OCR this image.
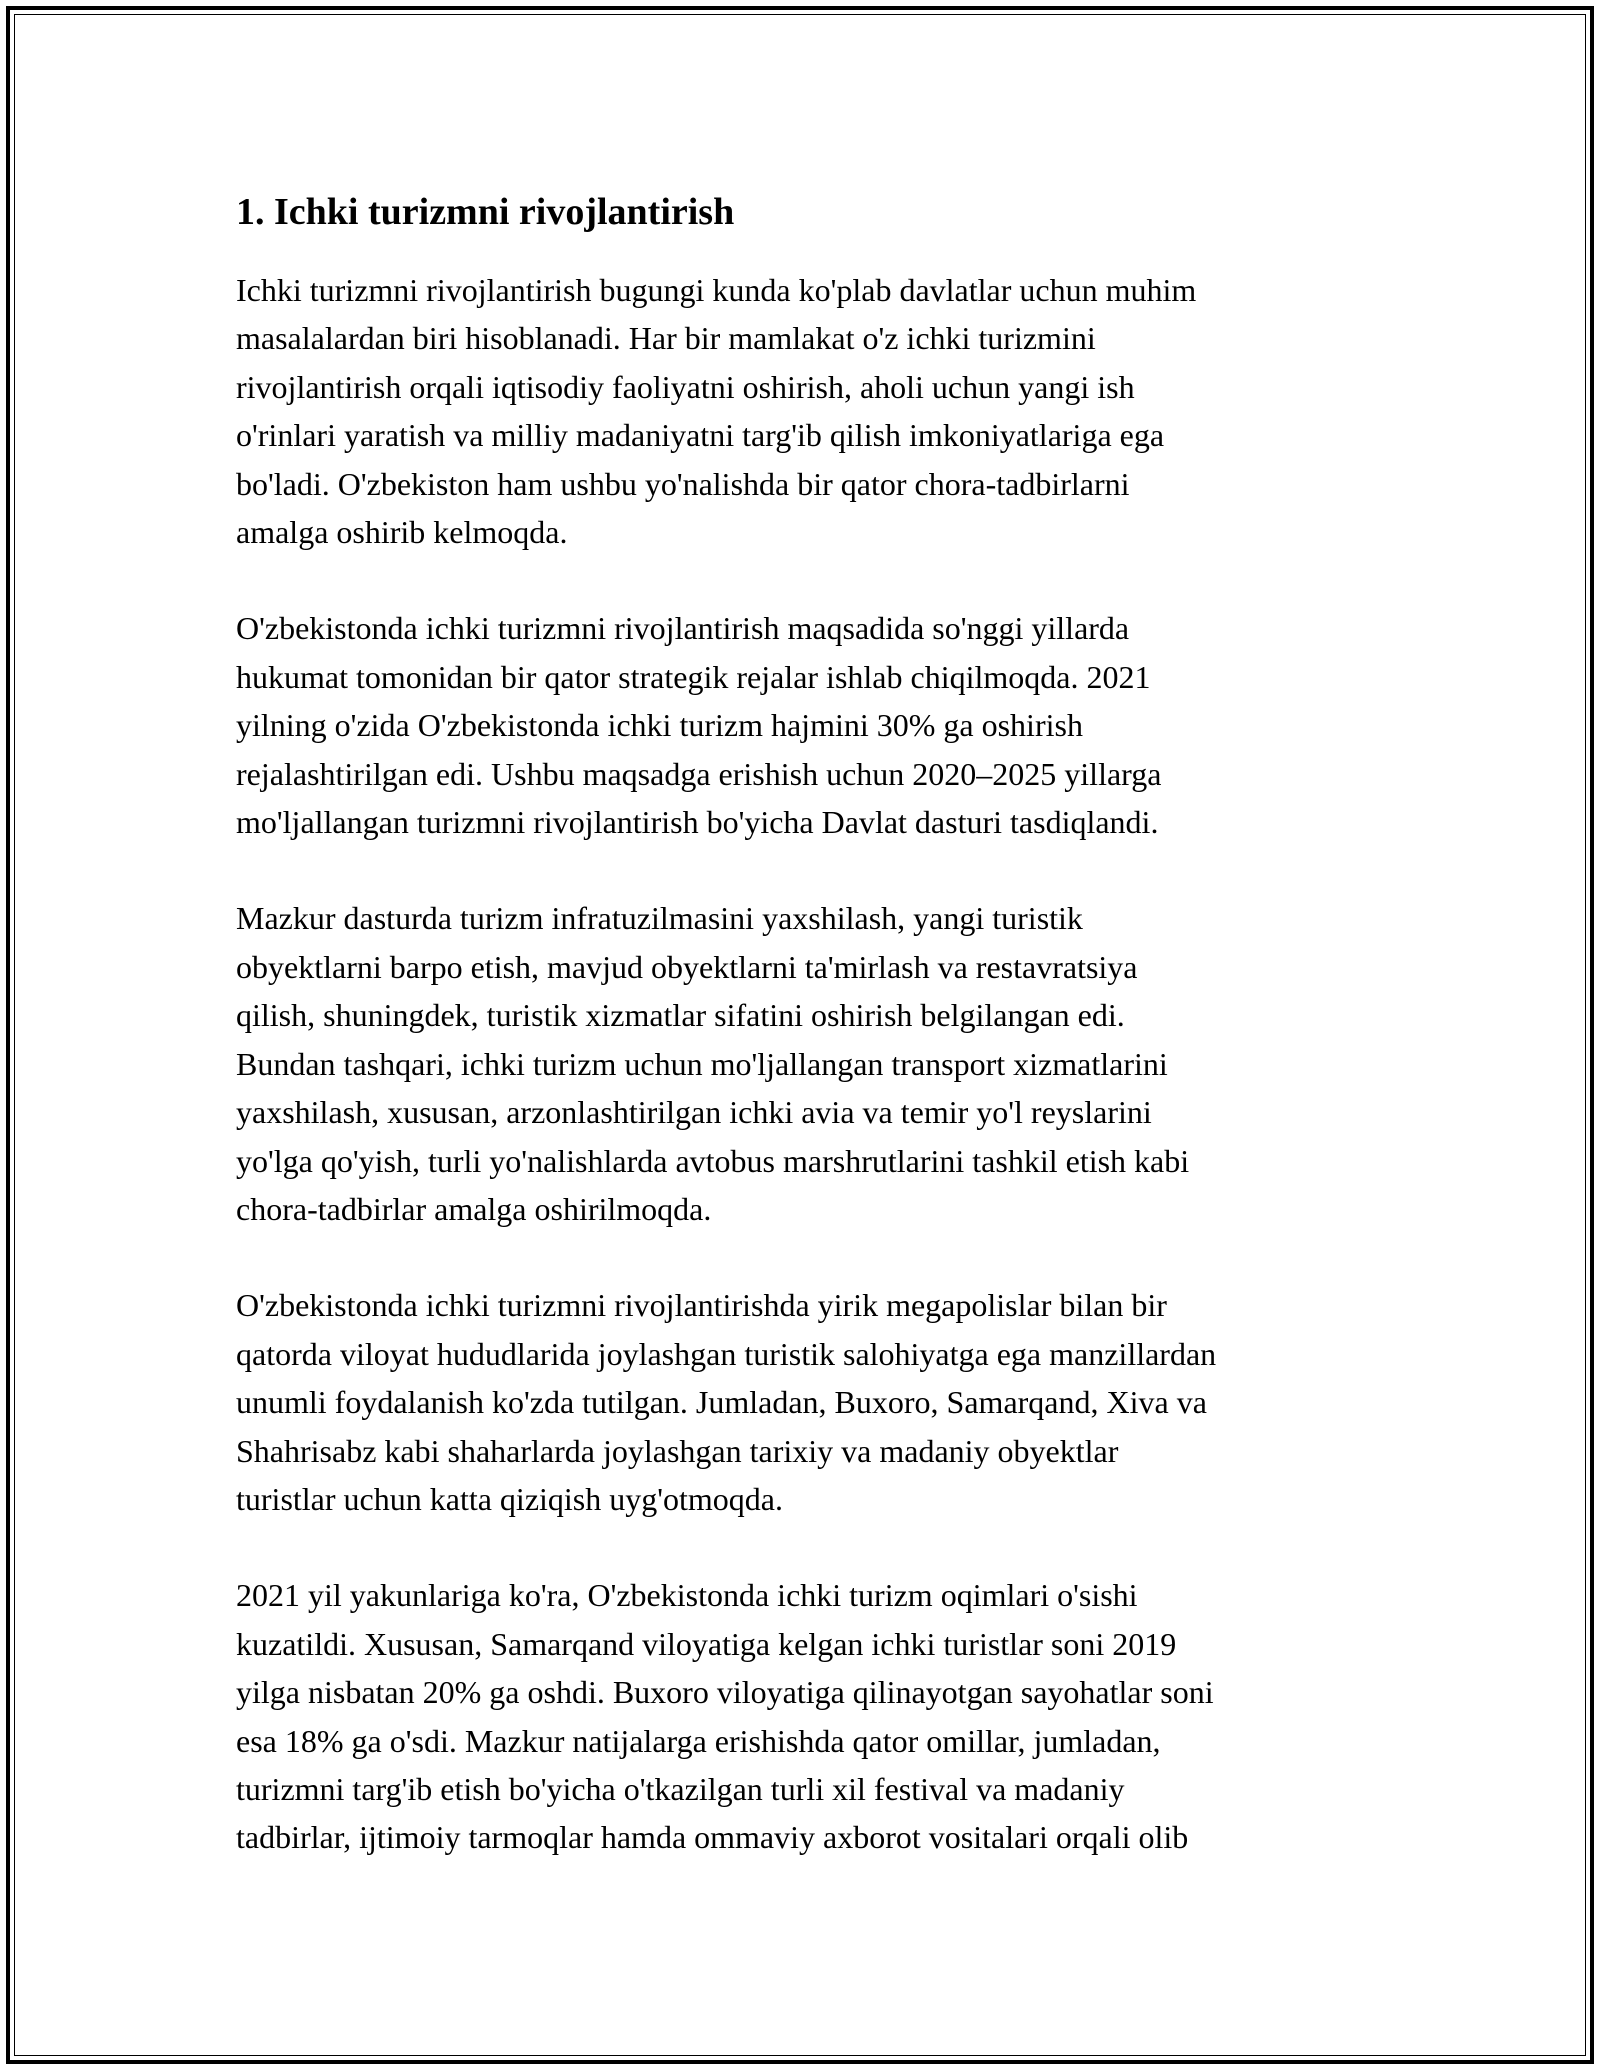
1. Ichki turizmni rivojlantirish
Ichki turizmni rivojlantirish bugungi kunda ko'plab davlatlar uchun muhim
masalalardan biri hisoblanadi. Har bir mamlakat o'z ichki turizmini
rivojlantirish orqali iqtisodiy faoliyatni oshirish, aholi uchun yangi ish
o'rinlari yaratish va milliy madaniyatni targ'ib qilish imkoniyatlariga ega
bo'ladi. O'zbekiston ham ushbu yo'nalishda bir qator chora-tadbirlarni
amalga oshirib kelmoqda.
O'zbekistonda ichki turizmni rivojlantirish maqsadida so'nggi yillarda
hukumat tomonidan bir qator strategik rejalar ishlab chiqilmoqda. 2021
yilning o'zida O'zbekistonda ichki turizm hajmini 30% ga oshirish
rejalashtirilgan edi. Ushbu maqsadga erishish uchun 2020–2025 yillarga
mo'ljallangan turizmni rivojlantirish bo'yicha Davlat dasturi tasdiqlandi.
Mazkur dasturda turizm infratuzilmasini yaxshilash, yangi turistik
obyektlarni barpo etish, mavjud obyektlarni ta'mirlash va restavratsiya
qilish, shuningdek, turistik xizmatlar sifatini oshirish belgilangan edi.
Bundan tashqari, ichki turizm uchun mo'ljallangan transport xizmatlarini
yaxshilash, xususan, arzonlashtirilgan ichki avia va temir yo'l reyslarini
yo'lga qo'yish, turli yo'nalishlarda avtobus marshrutlarini tashkil etish kabi
chora-tadbirlar amalga oshirilmoqda.
O'zbekistonda ichki turizmni rivojlantirishda yirik megapolislar bilan bir
qatorda viloyat hududlarida joylashgan turistik salohiyatga ega manzillardan
unumli foydalanish ko'zda tutilgan. Jumladan, Buxoro, Samarqand, Xiva va
Shahrisabz kabi shaharlarda joylashgan tarixiy va madaniy obyektlar
turistlar uchun katta qiziqish uyg'otmoqda.
2021 yil yakunlariga ko'ra, O'zbekistonda ichki turizm oqimlari o'sishi
kuzatildi. Xususan, Samarqand viloyatiga kelgan ichki turistlar soni 2019
yilga nisbatan 20% ga oshdi. Buxoro viloyatiga qilinayotgan sayohatlar soni
esa 18% ga o'sdi. Mazkur natijalarga erishishda qator omillar, jumladan,
turizmni targ'ib etish bo'yicha o'tkazilgan turli xil festival va madaniy
tadbirlar, ijtimoiy tarmoqlar hamda ommaviy axborot vositalari orqali olib
